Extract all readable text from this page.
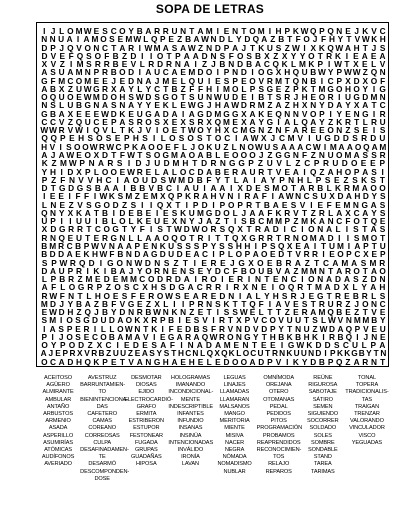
SOPA DE LETRAS
I J L O M W E S C O Y B A R R U N T A M I E N T O M I H P K W Q P Q N E J K V C
N N U A I A M O S E M W L Q P E Z B A W N D L Y D Q A Z B T F O J F H Y T V W K H
D P J Q V O N C T A R I W M A S A W Z N D P A J T K U S Z W I X K Q W A H T J S
D V E F Q S O F B Z D I I O T P A A D N S F O S B X Z X Y Y O T R K I E A E A
X V Z I M S R R B E V L R D R N A I Z J B N D B A C Q K L M K P I W T X E L V
A S U A M N P R B O D I A U C A E M D O I P N D I O G X H Q U B W Y P W W Z Q N
G F M C O M E E J E D N A J M E L Q U I E S P E O V R M T Q N B I C P X D X O F
A B X Z U W G R X A Y L Y C T B Z F F H I M O L P S G E Z P K T M G O H O Y I G
O Q U O E W M D O H S W D S G O T S U N W U D E I B T S R J H E O R I U G D M N
N S L U B G N A S N A Y Y E K L E W G J H A W D R M Z A Z H X N Y D A Y X A T C
G B A X E E E W D K E U G A D A I A G D M G G X A K E Q N N V O P I Y E N G I R
C C V Z Q U C E P A S R O S X E X S R X Q M E X A Y G I A L Q A Y Z K R T L R U
W W R V W I Q V L T K J V I O E T W O Y H X C M G N Z N F A R E E O N Z S E I S
Q Q P E H S O S E P H S I L O S O S T O C I A W X J C M V I U G D D S R D U
H V I S O O W R W C P K A O O E F L J O K U Z L N O W U S A A A C W I M A A O Q A M
A J A W E O X D T F W T S O G M A O A B L E O O O J Z G G N F Z N U O M A S S R
K Z M W P N A R S I D J U D M H T D R N G G P Z U V L Z C P R U D O E E P
Y H I D X P L O O E W R E L A L O C D A B E R A U R T V E A I Q Z A H O P A S I
P Z F N V V H C I A O U D S W M D B F Y T L A I A Y P N H L P S E Z S K S T
D T G D G S B A A I B B V B C I A U I A A I X D E S M O T A R B L K R M A O O
I E E I F F I W K S M Z E M X Q P K R A H V N I R A F I A W N C S U X D A H D Y S
L N E Z V S G O D Z S I I Q X T I P D I P O P R T B A E S V I E F E M N G A S
Q N Y X K A T B I D E B E I E S K U M G D O L J A A F K R V T Z R L A X C A Y S
U P I I U U I B L O L K E U E X N Y J A Z T I S B C M M P Z M K A N C F O T Q E
X D G R R T C O G T Y F I S T W D W O R S Q X T R A D I C I O N A L I S T A S
R N Q E U T E R G N L L A A O Q O T R I T T Q X G R R T R N O M A D I I S M O T
B M R C B P W V N A A P E N K U S S S P Y S S H H I P S Q X E A I T U M I A P T U
B D D A E K H W F B N D A G D U D E A C I P L O P A O E D T V R R I E O P C X E P
S P W R Q D I G O N W D N S Z T I E R E J G X O E B R A Z T C A M A S M R
D A U P R I K I B A J Y O R N E N S E Y D C F B O U B V A Z M M N T A R O T A O
L P B R Z M E D E M M C O D R D A I R O I E R I N T E N C I O N A D A S Z D N
A F L O G R P Z O S C X H S D G A C R R I R X N E I O Q R T M A D X L Y A H
R W F N T L H O E S F E R O W S E A R E D N I A L Y H S R J E G T R E B R L S
M D J Y B A Z B F V G E Z X L I I P R N S K T T Q F I A V E S T R U R Z J O N C
E W D H Z Q J B Y D N R B W N K N Z E T I S S W E L T T Z E R A M Q B E Z T V E
S M I O S G D U D A O K X R P B I E S V I R T X P V C O V U U T S L W V N M M B Y
I A S P E R I L L O W N T K I F E D B S F R V N D V D P Y T N U Z W D A Q P V E U
P I J O S E C O B A M A V I E G A R A Q W R O N G Y T H B K B H K I R B Q I J N E
O Y P O D Z X C I E D E S A F I N A D A M E N T E E I G W K D D S C U L P A
A J E P R X V R B Z U U Z E A S Y S T H C N L Q X Q K L O C U T R N K U U N D I P K K G B Y T N
O C A D H Q K P E T V A N G H A E H E L E D O O A D P V I K Y D B P Q Z A R N T
ACEITOSO
AGÜERO
ALMIRANTE
AMBULAR
ANTAÑO
ARBUSTOS
ARMENIO
ASADA
ASPERILLO
ASUMIRÍAS
ATÓMICAS
AUDÍFONOS
AVERIADO
AVESTRUZ
BARRUNTAMIEN-
TO
BIENINTENCIONA-
DAS
CAFETERO
CAMAS
COREANO
CORREOSAS
CULPA
DESAFINADAMEN-
TE
DESARMÓ
DESCOMPONDEN-
DOSE
DESMOTAR
DIOSAS
EJIDO
ELECTROCARDIÓ-
GRAFO
ERMITA
ESTRIBERON
ESTUPOR
FESTONEAR
FUGADA
GRUPAS
GUADAÑAS
HIPOSA
HOLOGRAMAS
IMANANDO
INCONDICIONAL-
MENTE
INDESCRIPTIBLE
INFANTES
INFUNDIO
INSANAS
INSINÚA
INTENCIONADAS
INVÁLIDO
IRONÍA
LAVAN
LEGUAS
LINAJES
LLAMADAS
LLAMARAN
MALSANOS
MANGO
MERITORIA
MIENTE
MISIVA
NACER
NEGRA
NÓMADA
NOMADISMO
NUBLAR
OMNÍMODA
OREJANA
OTERO
OTOMANAS
PEDAL
PEDIDOS
PITOS
PROGRAMACIÓN
PROBAMOS
REAPRENDIDOS
RECONOCIMIEN-
TOS
RELAJO
REPAROS
REÚNE
RIGUROSA
SABOTAJE
SÁTIRO
SEMEN
SIGUIENDO
SOCORRER
SOLDADO
SOLES
SOMBRE
SONDABLE
STAND
TAREA
TARIMAS
TONAL
TOPERA
TRADICIONALIS-
TAS
TRAIGAN
TRENZAR
VALORANDO
VINCULADOR
VISCO
YEGUADAS
